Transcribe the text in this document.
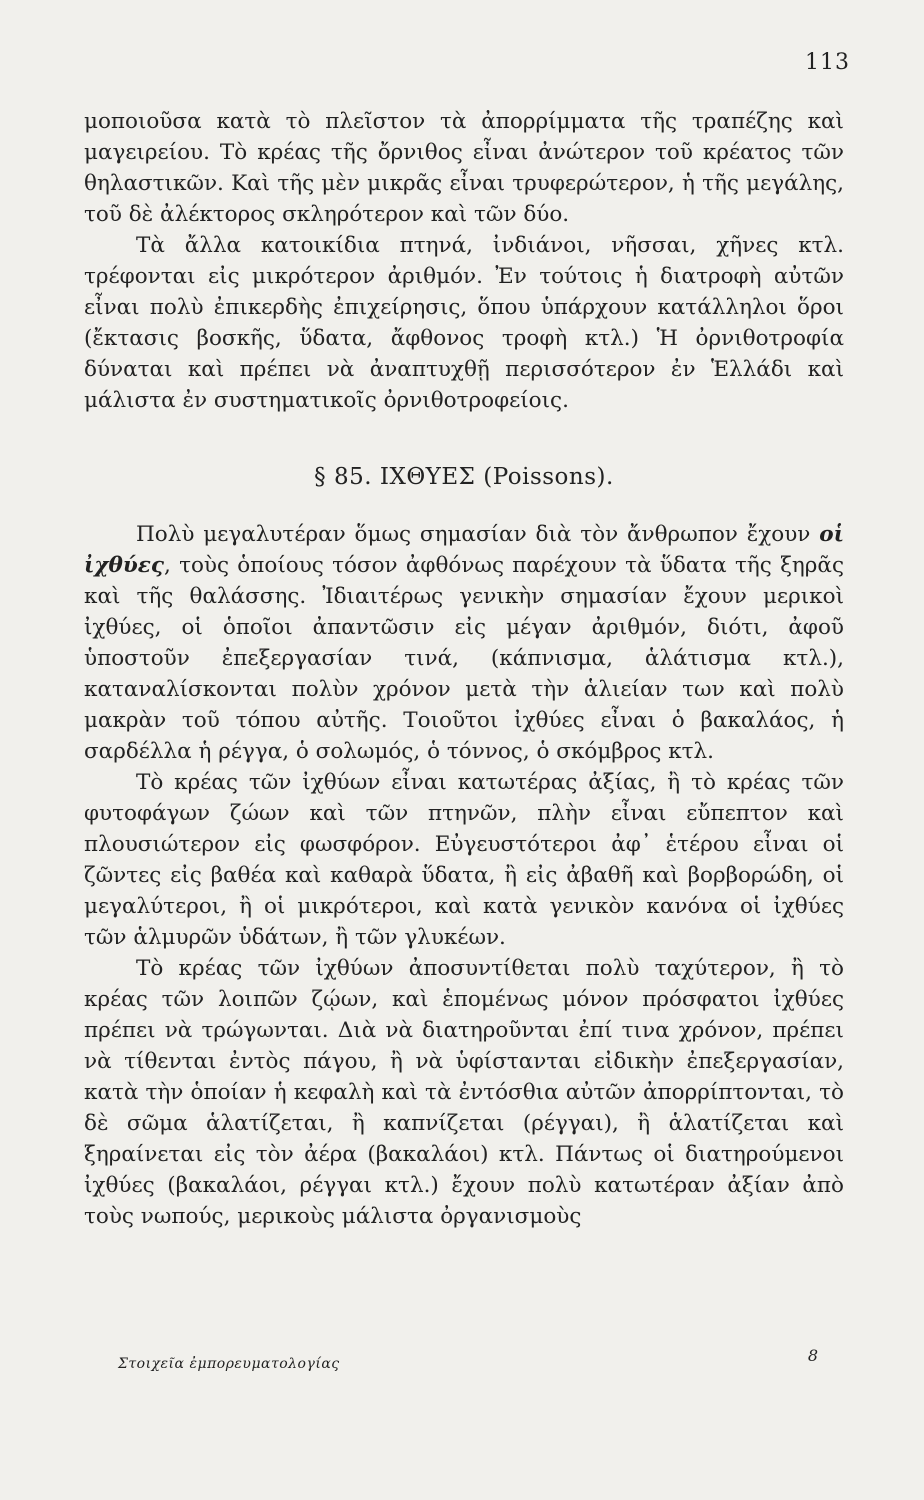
113

μοποιοῦσα κατὰ τὸ πλεῖστον τὰ ἀπορρίμματα τῆς τραπέζης καὶ μαγειρείου. Τὸ κρέας τῆς ὄρνιθος εἶναι ἀνώτερον τοῦ κρέατος τῶν θηλαστικῶν. Καὶ τῆς μὲν μικρᾶς εἶναι τρυφερώτερον, ἡ τῆς μεγάλης, τοῦ δὲ ἀλέκτορος σκληρότερον καὶ τῶν δύο.

Τὰ ἄλλα κατοικίδια πτηνά, ἰνδιάνοι, νῆσσαι, χῆνες κτλ. τρέφονται εἰς μικρότερον ἀριθμόν. Ἐν τούτοις ἡ διατροφὴ αὐτῶν εἶναι πολὺ ἐπικερδὴς ἐπιχείρησις, ὅπου ὑπάρχουν κατάλληλοι ὅροι (ἔκτασις βοσκῆς, ὕδατα, ἄφθονος τροφὴ κτλ.) Ἡ ὀρνιθοτροφία δύναται καὶ πρέπει νὰ ἀναπτυχθῇ περισσότερον ἐν Ἑλλάδι καὶ μάλιστα ἐν συστηματικοῖς ὀρνιθοτροφείοις.

§ 85. ΙΧΘΥΕΣ (Poissons).

Πολὺ μεγαλυτέραν ὅμως σημασίαν διὰ τὸν ἄνθρωπον ἔχουν οἱ ἰχθύες, τοὺς ὁποίους τόσον ἀφθόνως παρέχουν τὰ ὕδατα τῆς ξηρᾶς καὶ τῆς θαλάσσης. Ἰδιαιτέρως γενικὴν σημασίαν ἔχουν μερικοὶ ἰχθύες, οἱ ὁποῖοι ἀπαντῶσιν εἰς μέγαν ἀριθμόν, διότι, ἀφοῦ ὑποστοῦν ἐπεξεργασίαν τινά, (κάπνισμα, ἁλάτισμα κτλ.), καταναλίσκονται πολὺν χρόνον μετὰ τὴν ἁλιείαν των καὶ πολὺ μακρὰν τοῦ τόπου αὐτῆς. Τοιοῦτοι ἰχθύες εἶναι ὁ βακαλάος, ἡ σαρδέλλα ἡ ρέγγα, ὁ σολωμός, ὁ τόννος, ὁ σκόμβρος κτλ.

Τὸ κρέας τῶν ἰχθύων εἶναι κατωτέρας ἀξίας, ἢ τὸ κρέας τῶν φυτοφάγων ζώων καὶ τῶν πτηνῶν, πλὴν εἶναι εὔπεπτον καὶ πλουσιώτερον εἰς φωσφόρον. Εὐγευστότεροι ἀφ᾽ ἑτέρου εἶναι οἱ ζῶντες εἰς βαθέα καὶ καθαρὰ ὕδατα, ἢ εἰς ἀβαθῆ καὶ βορβορώδη, οἱ μεγαλύτεροι, ἢ οἱ μικρότεροι, καὶ κατὰ γενικὸν κανόνα οἱ ἰχθύες τῶν ἁλμυρῶν ὑδάτων, ἢ τῶν γλυκέων.

Τὸ κρέας τῶν ἰχθύων ἀποσυντίθεται πολὺ ταχύτερον, ἢ τὸ κρέας τῶν λοιπῶν ζῴων, καὶ ἑπομένως μόνον πρόσφατοι ἰχθύες πρέπει νὰ τρώγωνται. Διὰ νὰ διατηροῦνται ἐπί τινα χρόνον, πρέπει νὰ τίθενται ἐντὸς πάγου, ἢ νὰ ὑφίστανται εἰδικὴν ἐπεξεργασίαν, κατὰ τὴν ὁποίαν ἡ κεφαλὴ καὶ τὰ ἐντόσθια αὐτῶν ἀπορρίπτονται, τὸ δὲ σῶμα ἁλατίζεται, ἢ καπνίζεται (ρέγγαι), ἢ ἁλατίζεται καὶ ξηραίνεται εἰς τὸν ἀέρα (βακαλάοι) κτλ. Πάντως οἱ διατηρούμενοι ἰχθύες (βακαλάοι, ρέγγαι κτλ.) ἔχουν πολὺ κατωτέραν ἀξίαν ἀπὸ τοὺς νωπούς, μερικοὺς μάλιστα ὀργανισμοὺς

Στοιχεῖα ἐμπορευματολογίας	8
